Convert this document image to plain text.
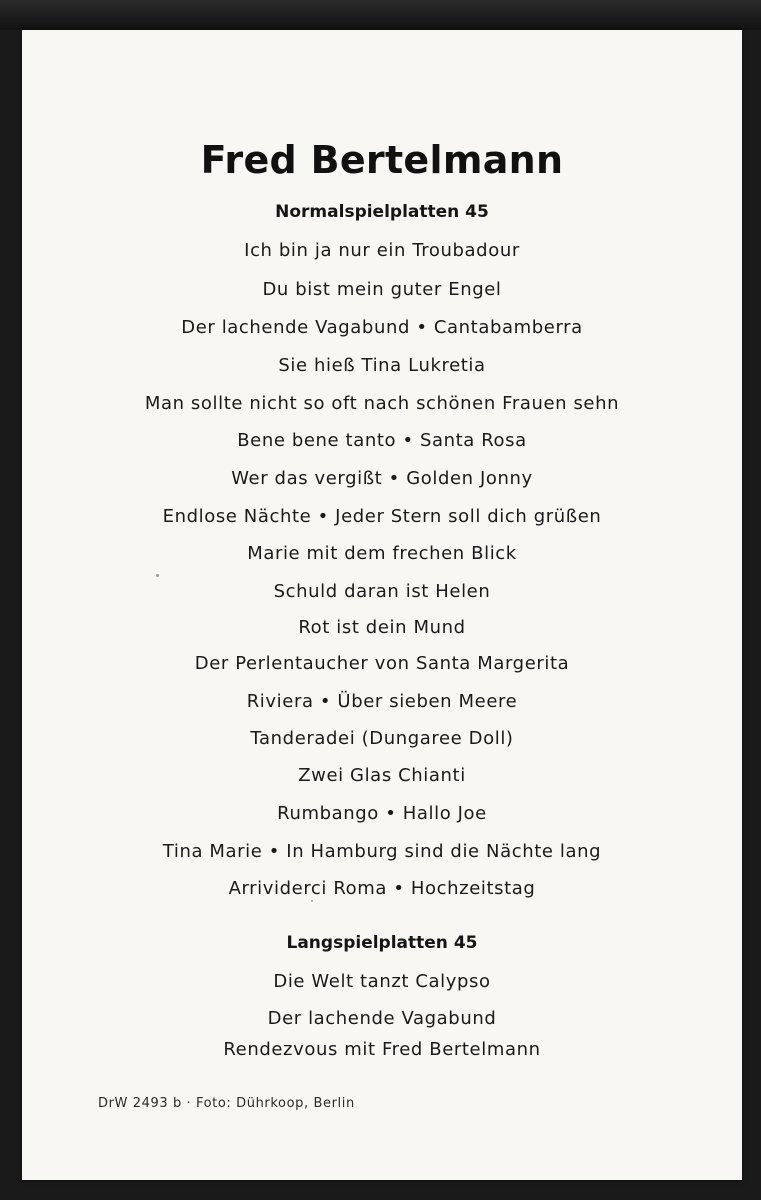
Fred Bertelmann
Normalspielplatten 45
Ich bin ja nur ein Troubadour
Du bist mein guter Engel
Der lachende Vagabund • Cantabamberra
Sie hieß Tina Lukretia
Man sollte nicht so oft nach schönen Frauen sehn
Bene bene tanto • Santa Rosa
Wer das vergißt • Golden Jonny
Endlose Nächte • Jeder Stern soll dich grüßen
Marie mit dem frechen Blick
Schuld daran ist Helen
Rot ist dein Mund
Der Perlentaucher von Santa Margerita
Riviera • Über sieben Meere
Tanderadei (Dungaree Doll)
Zwei Glas Chianti
Rumbango • Hallo Joe
Tina Marie • In Hamburg sind die Nächte lang
Arrividerci Roma • Hochzeitstag
Langspielplatten 45
Die Welt tanzt Calypso
Der lachende Vagabund
Rendezvous mit Fred Bertelmann
DrW 2493 b · Foto: Dührkoop, Berlin
